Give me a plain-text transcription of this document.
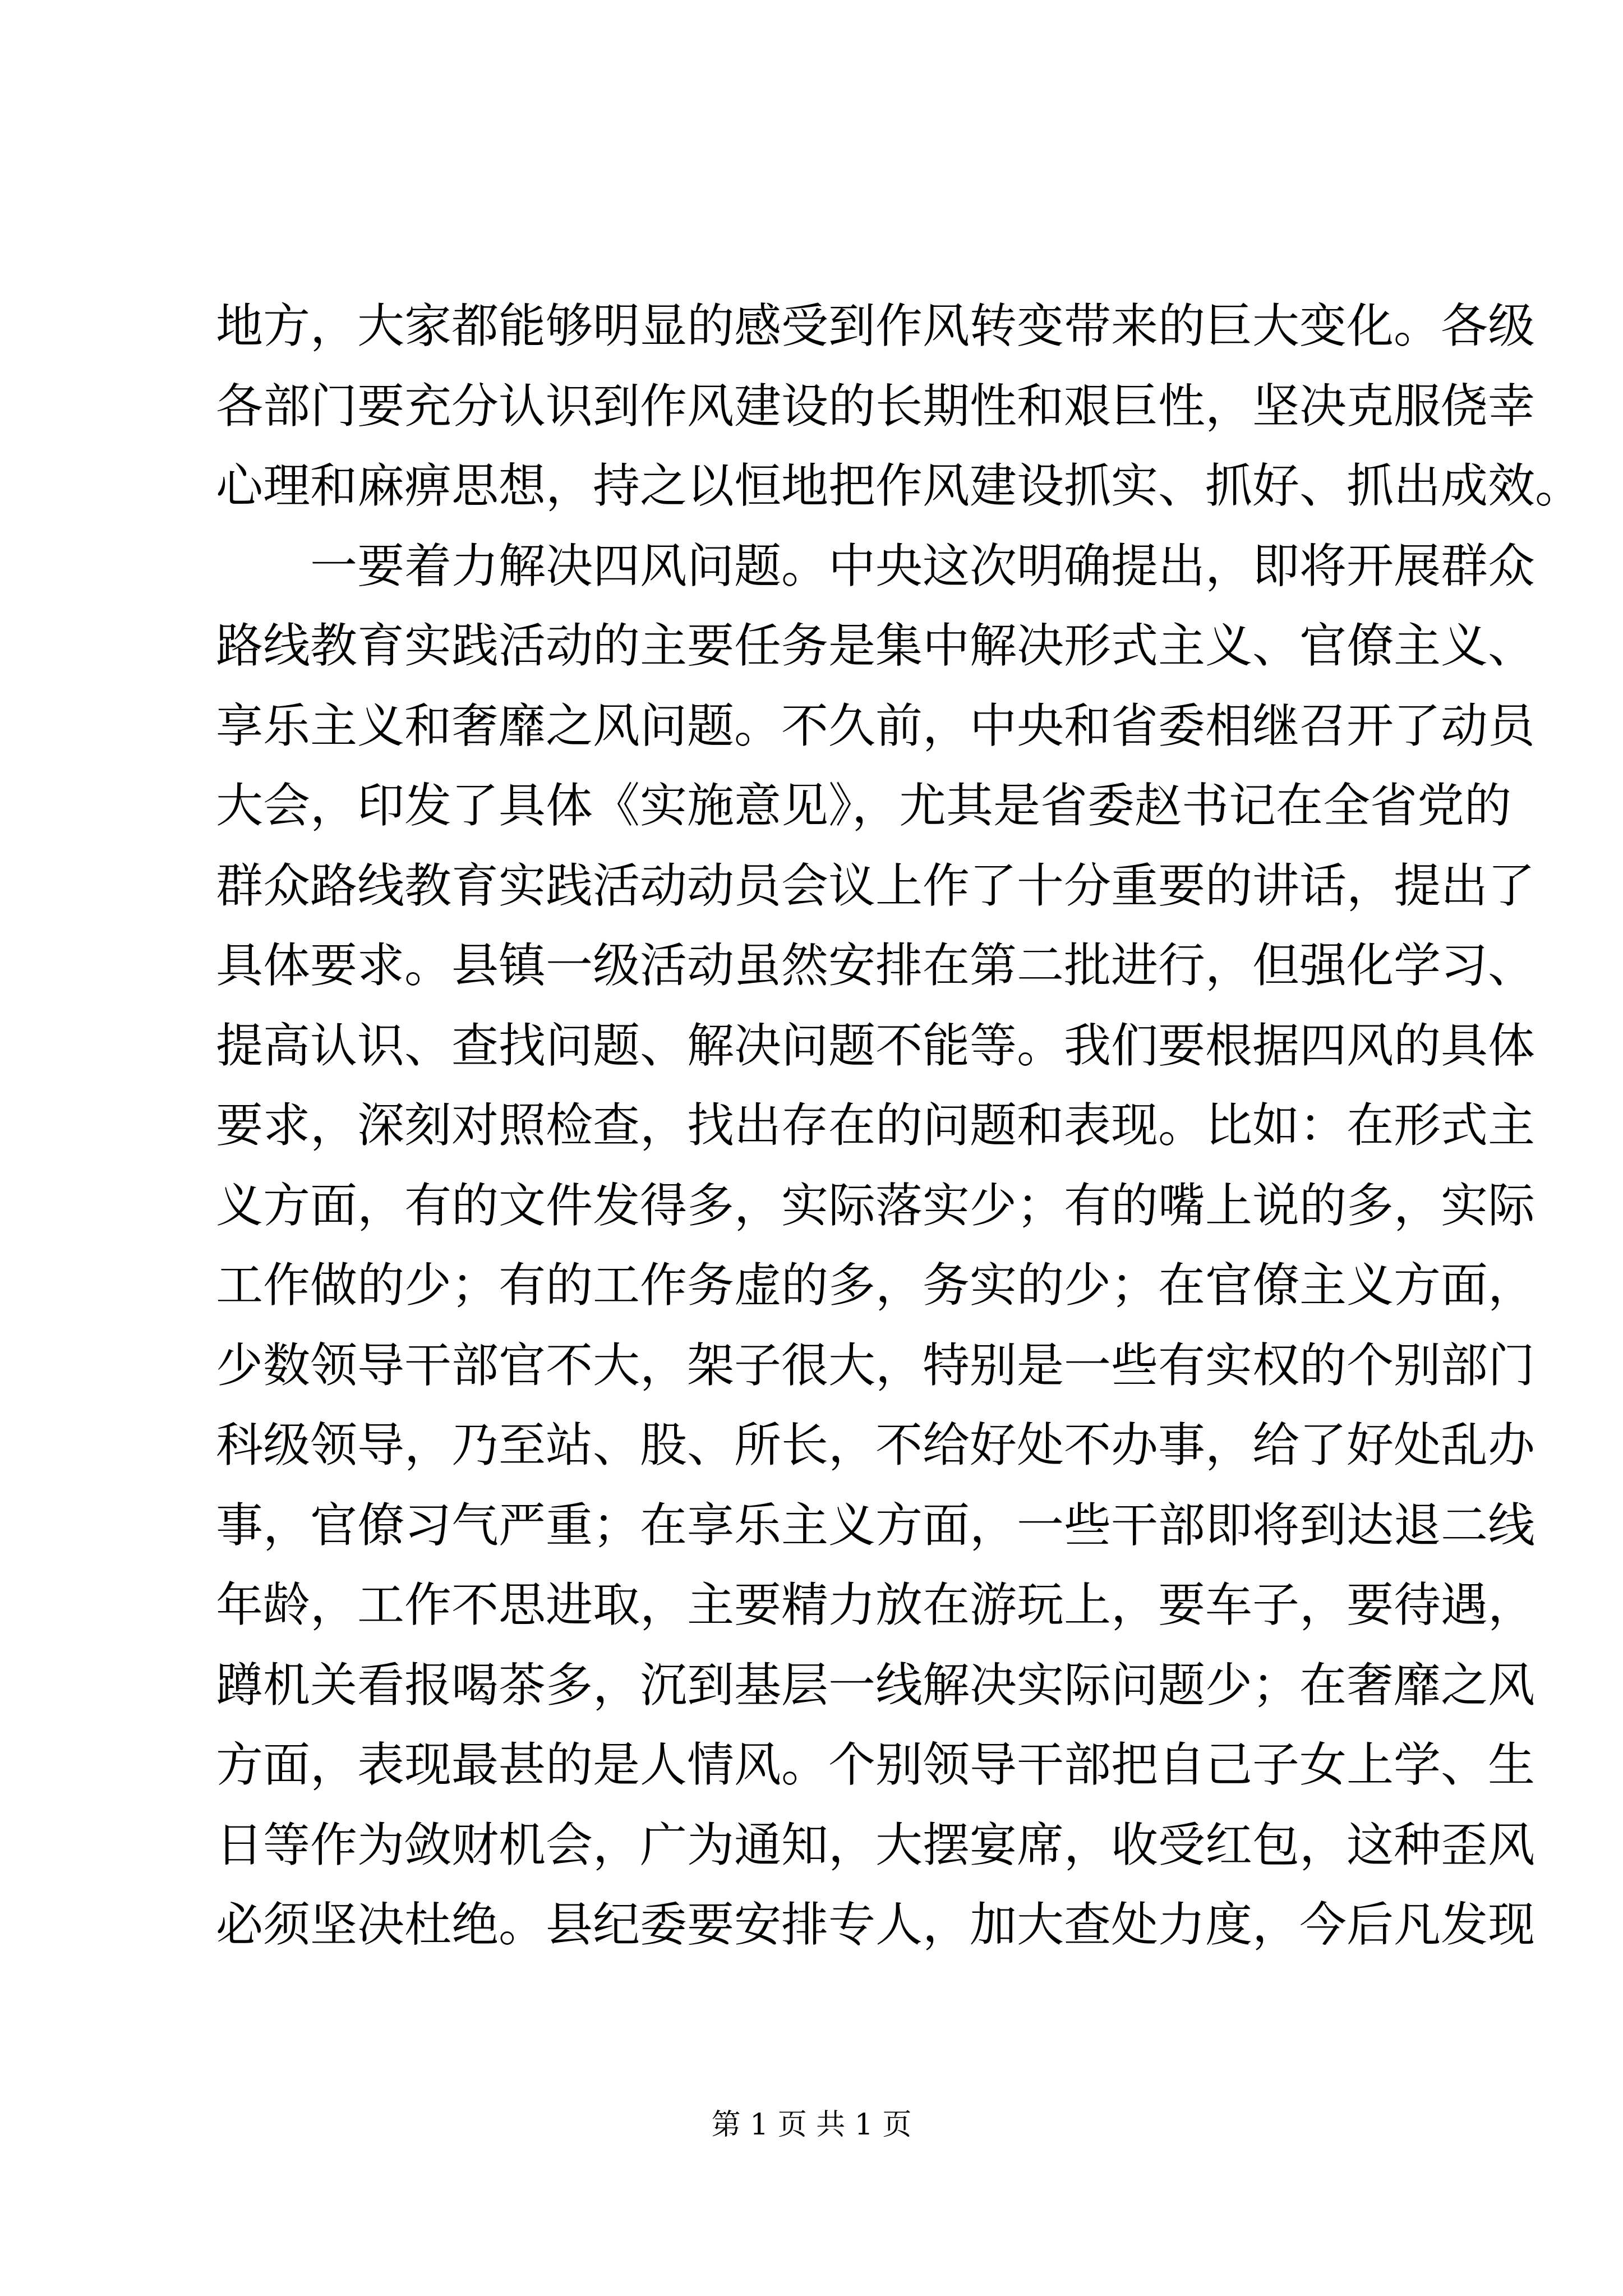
地方，大家都能够明显的感受到作风转变带来的巨大变化。各级
各部门要充分认识到作风建设的长期性和艰巨性，坚决克服侥幸
心理和麻痹思想，持之以恒地把作风建设抓实、抓好、抓出成效。
一要着力解决四风问题。中央这次明确提出，即将开展群众
路线教育实践活动的主要任务是集中解决形式主义、官僚主义、
享乐主义和奢靡之风问题。不久前，中央和省委相继召开了动员
大会，印发了具体《实施意见》，尤其是省委赵书记在全省党的
群众路线教育实践活动动员会议上作了十分重要的讲话，提出了
具体要求。县镇一级活动虽然安排在第二批进行，但强化学习、
提高认识、查找问题、解决问题不能等。我们要根据四风的具体
要求，深刻对照检查，找出存在的问题和表现。比如：在形式主
义方面，有的文件发得多，实际落实少；有的嘴上说的多，实际
工作做的少；有的工作务虚的多，务实的少；在官僚主义方面，
少数领导干部官不大，架子很大，特别是一些有实权的个别部门
科级领导，乃至站、股、所长，不给好处不办事，给了好处乱办
事，官僚习气严重；在享乐主义方面，一些干部即将到达退二线
年龄，工作不思进取，主要精力放在游玩上，要车子，要待遇，
蹲机关看报喝茶多，沉到基层一线解决实际问题少；在奢靡之风
方面，表现最甚的是人情风。个别领导干部把自己子女上学、生
日等作为敛财机会，广为通知，大摆宴席，收受红包，这种歪风
必须坚决杜绝。县纪委要安排专人，加大查处力度，今后凡发现
第 1 页 共 1 页
